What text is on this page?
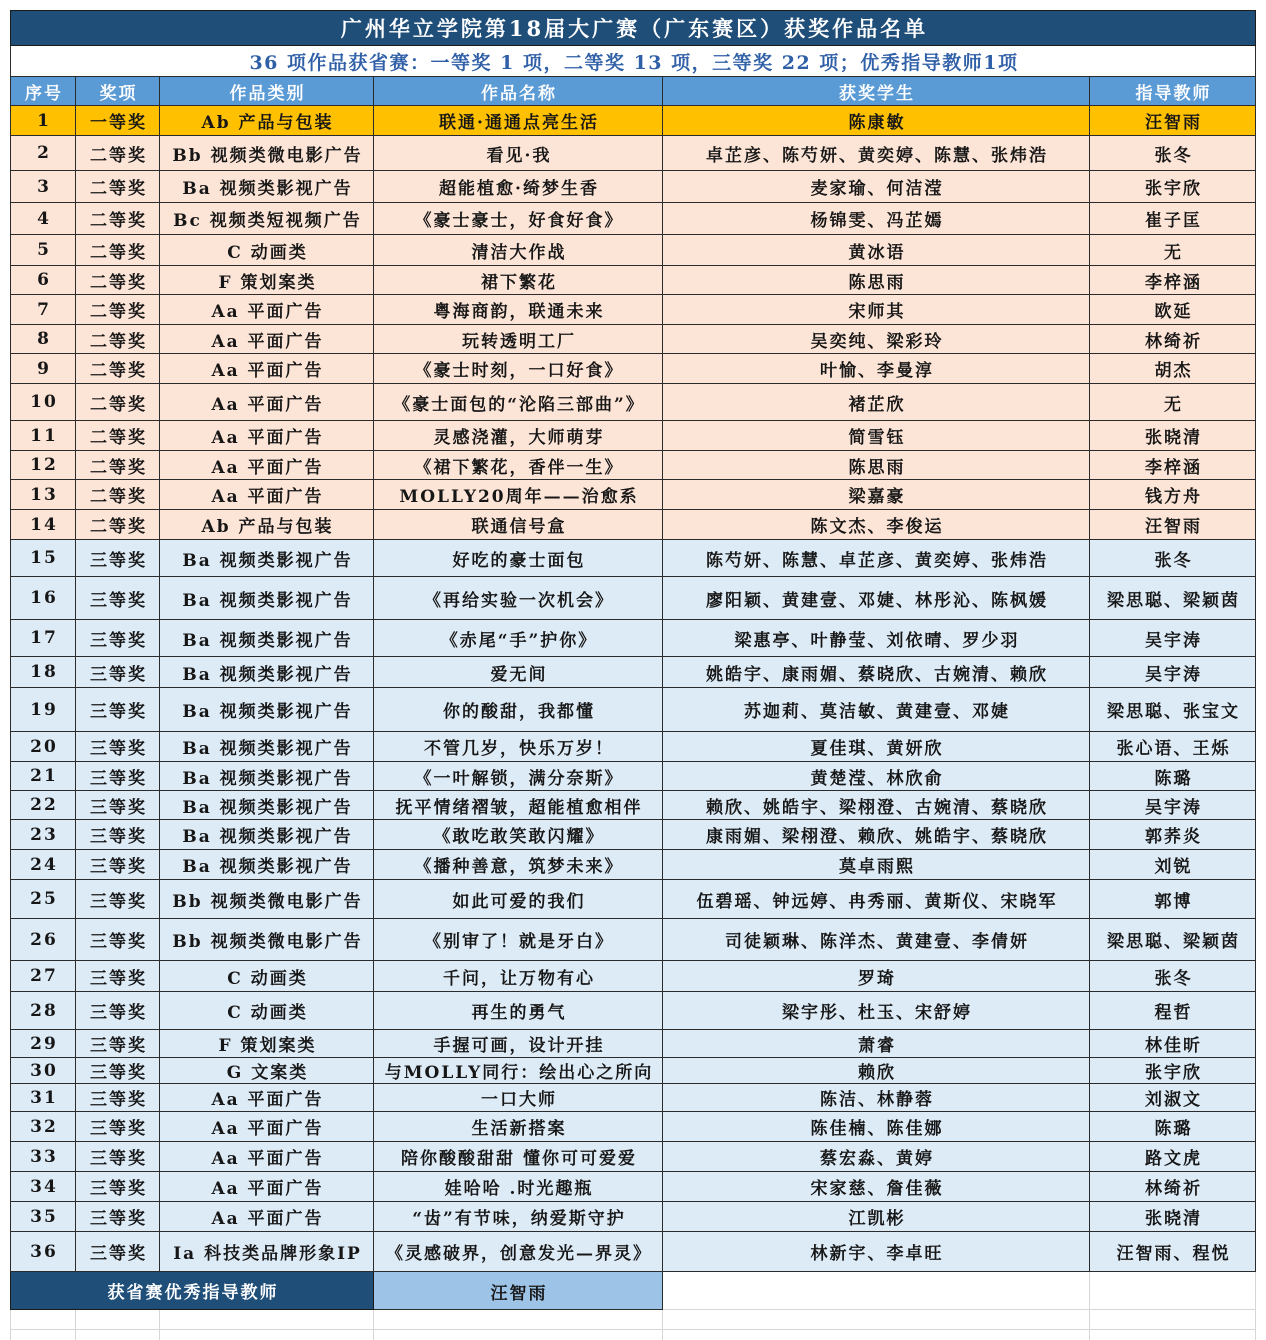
广州华立学院第18届大广赛（广东赛区）获奖作品名单
36 项作品获省赛：一等奖 1 项，二等奖 13 项，三等奖 22 项；优秀指导教师1项
获省赛优秀指导教师	汪智雨
序号	奖项	作品类别	作品名称	获奖学生	指导教师
1	一等奖	Ab 产品与包装	联通·通通点亮生活	陈康敏	汪智雨
2	二等奖	Bb 视频类微电影广告	看见·我	卓芷彦、陈芍妍、黄奕婷、陈慧、张炜浩	张冬
3	二等奖	Ba 视频类影视广告	超能植愈·绮梦生香	麦家瑜、何洁滢	张宇欣
4	二等奖	Bc 视频类短视频广告	《豪士豪士，好食好食》	杨锦雯、冯芷嫣	崔子匡
5	二等奖	C 动画类	清洁大作战	黄冰语	无
6	二等奖	F 策划案类	裙下繁花	陈思雨	李梓涵
7	二等奖	Aa 平面广告	粤海商韵，联通未来	宋师其	欧延
8	二等奖	Aa 平面广告	玩转透明工厂	吴奕纯、梁彩玲	林绮祈
9	二等奖	Aa 平面广告	《豪士时刻，一口好食》	叶愉、李曼淳	胡杰
10	二等奖	Aa 平面广告	《豪士面包的“沦陷三部曲”》	褚芷欣	无
11	二等奖	Aa 平面广告	灵感浇灌，大师萌芽	简雪钰	张晓清
12	二等奖	Aa 平面广告	《裙下繁花，香伴一生》	陈思雨	李梓涵
13	二等奖	Aa 平面广告	MOLLY20周年——治愈系	梁嘉豪	钱方舟
14	二等奖	Ab 产品与包装	联通信号盒	陈文杰、李俊运	汪智雨
15	三等奖	Ba 视频类影视广告	好吃的豪士面包	陈芍妍、陈慧、卓芷彦、黄奕婷、张炜浩	张冬
16	三等奖	Ba 视频类影视广告	《再给实验一次机会》	廖阳颖、黄建壹、邓婕、林彤沁、陈枫媛	梁思聪、梁颖茵
17	三等奖	Ba 视频类影视广告	《赤尾“手”护你》	梁惠亭、叶静莹、刘依晴、罗少羽	吴宇涛
18	三等奖	Ba 视频类影视广告	爱无间	姚皓宇、康雨媚、蔡晓欣、古婉清、赖欣	吴宇涛
19	三等奖	Ba 视频类影视广告	你的酸甜，我都懂	苏迦莉、莫洁敏、黄建壹、邓婕	梁思聪、张宝文
20	三等奖	Ba 视频类影视广告	不管几岁，快乐万岁！	夏佳琪、黄妍欣	张心语、王烁
21	三等奖	Ba 视频类影视广告	《一叶解锁，满分奈斯》	黄楚滢、林欣俞	陈璐
22	三等奖	Ba 视频类影视广告	抚平情绪褶皱，超能植愈相伴	赖欣、姚皓宇、梁栩澄、古婉清、蔡晓欣	吴宇涛
23	三等奖	Ba 视频类影视广告	《敢吃敢笑敢闪耀》	康雨媚、梁栩澄、赖欣、姚皓宇、蔡晓欣	郭荞炎
24	三等奖	Ba 视频类影视广告	《播种善意，筑梦未来》	莫卓雨熙	刘锐
25	三等奖	Bb 视频类微电影广告	如此可爱的我们	伍碧瑶、钟远婷、冉秀丽、黄斯仪、宋晓军	郭博
26	三等奖	Bb 视频类微电影广告	《别审了！就是牙白》	司徒颖琳、陈洋杰、黄建壹、李倩妍	梁思聪、梁颖茵
27	三等奖	C 动画类	千问，让万物有心	罗琦	张冬
28	三等奖	C 动画类	再生的勇气	梁宇彤、杜玉、宋舒婷	程哲
29	三等奖	F 策划案类	手握可画，设计开挂	萧睿	林佳昕
30	三等奖	G 文案类	与MOLLY同行：绘出心之所向	赖欣	张宇欣
31	三等奖	Aa 平面广告	一口大师	陈洁、林静蓉	刘淑文
32	三等奖	Aa 平面广告	生活新搭案	陈佳楠、陈佳娜	陈璐
33	三等奖	Aa 平面广告	陪你酸酸甜甜 懂你可可爱爱	蔡宏淼、黄婷	路文虎
34	三等奖	Aa 平面广告	娃哈哈 .时光趣瓶	宋家慈、詹佳薇	林绮祈
35	三等奖	Aa 平面广告	“齿”有节味，纳爱斯守护	江凯彬	张晓清
36	三等奖	Ia 科技类品牌形象IP	《灵感破界，创意发光—界灵》	林新宇、李卓旺	汪智雨、程悦
